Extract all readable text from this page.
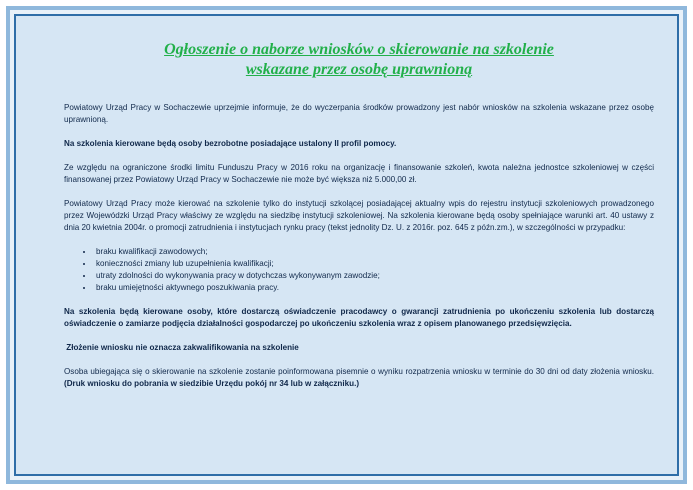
Ogłoszenie o naborze wniosków o skierowanie na szkolenie
wskazane przez osobę uprawnioną

Powiatowy Urząd Pracy w Sochaczewie uprzejmie informuje, że do wyczerpania środków prowadzony jest nabór wniosków na szkolenia wskazane przez osobę uprawnioną.

Na szkolenia kierowane będą osoby bezrobotne posiadające ustalony II profil pomocy.

Ze względu na ograniczone środki limitu Funduszu Pracy w 2016 roku na organizację i finansowanie szkoleń, kwota należna jednostce szkoleniowej w części finansowanej przez Powiatowy Urząd Pracy w Sochaczewie nie może być większa niż 5.000,00 zł.

Powiatowy Urząd Pracy może kierować na szkolenie tylko do instytucji szkolącej posiadającej aktualny wpis do rejestru instytucji szkoleniowych prowadzonego przez Wojewódzki Urząd Pracy właściwy ze względu na siedzibę instytucji szkoleniowej. Na szkolenia kierowane będą osoby spełniające warunki art. 40 ustawy z dnia 20 kwietnia 2004r. o promocji zatrudnienia i instytucjach rynku pracy (tekst jednolity Dz. U. z 2016r. poz. 645 z późn.zm.), w szczególności w przypadku:

• braku kwalifikacji zawodowych;
• konieczności zmiany lub uzupełnienia kwalifikacji;
• utraty zdolności do wykonywania pracy w dotychczas wykonywanym zawodzie;
• braku umiejętności aktywnego poszukiwania pracy.

Na szkolenia będą kierowane osoby, które dostarczą oświadczenie pracodawcy o gwarancji zatrudnienia po ukończeniu szkolenia lub dostarczą oświadczenie o zamiarze podjęcia działalności gospodarczej po ukończeniu szkolenia wraz z opisem planowanego przedsięwzięcia.

Złożenie wniosku nie oznacza zakwalifikowania na szkolenie

Osoba ubiegająca się o skierowanie na szkolenie zostanie poinformowana pisemnie o wyniku rozpatrzenia wniosku w terminie do 30 dni od daty złożenia wniosku.(Druk wniosku do pobrania w siedzibie Urzędu pokój nr 34 lub w załączniku.)
